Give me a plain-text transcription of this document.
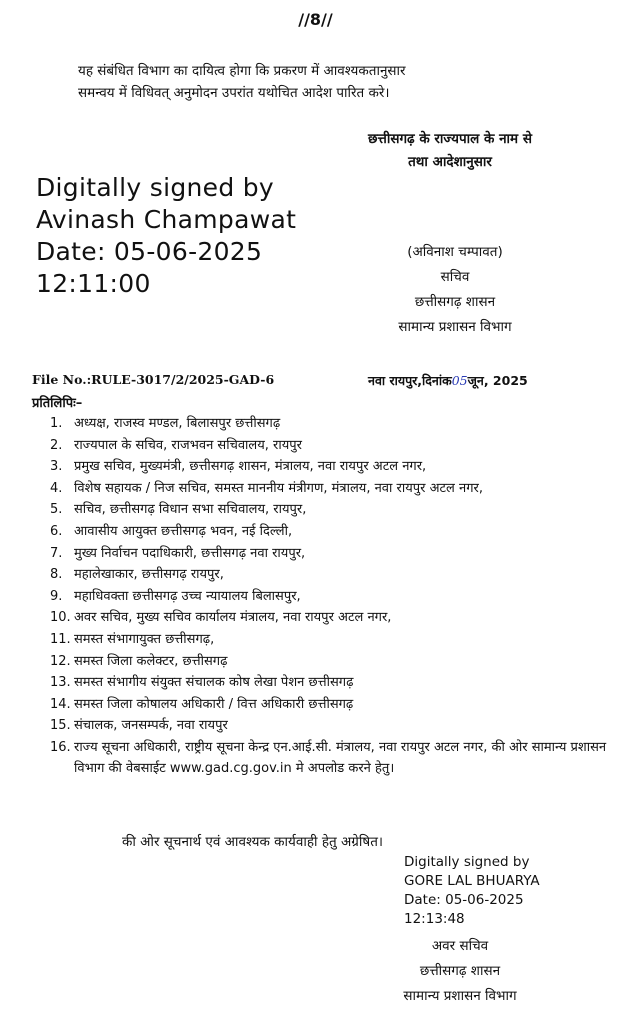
//8//
यह संबंधित विभाग का दायित्व होगा कि प्रकरण में आवश्यकतानुसार
समन्वय में विधिवत् अनुमोदन उपरांत यथोचित आदेश पारित करे।
छत्तीसगढ़ के राज्यपाल के नाम से
तथा आदेशानुसार
Digitally signed by
Avinash Champawat
Date: 05-06-2025
12:11:00
(अविनाश चम्पावत)
सचिव
छत्तीसगढ़ शासन
सामान्य प्रशासन विभाग
File No.:RULE-3017/2/2025-GAD-6	नवा रायपुर,दिनांक05जून, 2025
प्रतिलिपिः–
1. अध्यक्ष, राजस्व मण्डल, बिलासपुर छत्तीसगढ़
2. राज्यपाल के सचिव, राजभवन सचिवालय, रायपुर
3. प्रमुख सचिव, मुख्यमंत्री, छत्तीसगढ़ शासन, मंत्रालय, नवा रायपुर अटल नगर,
4. विशेष सहायक / निज सचिव, समस्त माननीय मंत्रीगण, मंत्रालय, नवा रायपुर अटल नगर,
5. सचिव, छत्तीसगढ़ विधान सभा सचिवालय, रायपुर,
6. आवासीय आयुक्त छत्तीसगढ़ भवन, नई दिल्ली,
7. मुख्य निर्वाचन पदाधिकारी, छत्तीसगढ़ नवा रायपुर,
8. महालेखाकार, छत्तीसगढ़ रायपुर,
9. महाधिवक्ता छत्तीसगढ़ उच्च न्यायालय बिलासपुर,
10. अवर सचिव, मुख्य सचिव कार्यालय मंत्रालय, नवा रायपुर अटल नगर,
11. समस्त संभागायुक्त छत्तीसगढ़,
12. समस्त जिला कलेक्टर, छत्तीसगढ़
13. समस्त संभागीय संयुक्त संचालक कोष लेखा पेशन छत्तीसगढ़
14. समस्त जिला कोषालय अधिकारी / वित्त अधिकारी छत्तीसगढ़
15. संचालक, जनसम्पर्क, नवा रायपुर
16. राज्य सूचना अधिकारी, राष्ट्रीय सूचना केन्द्र एन.आई.सी. मंत्रालय, नवा रायपुर अटल नगर, की ओर सामान्य प्रशासन विभाग की वेबसाईट www.gad.cg.gov.in मे अपलोड करने हेतु।
की ओर सूचनार्थ एवं आवश्यक कार्यवाही हेतु अग्रेषित।
Digitally signed by
GORE LAL BHUARYA
Date: 05-06-2025
12:13:48
अवर सचिव
छत्तीसगढ़ शासन
सामान्य प्रशासन विभाग
